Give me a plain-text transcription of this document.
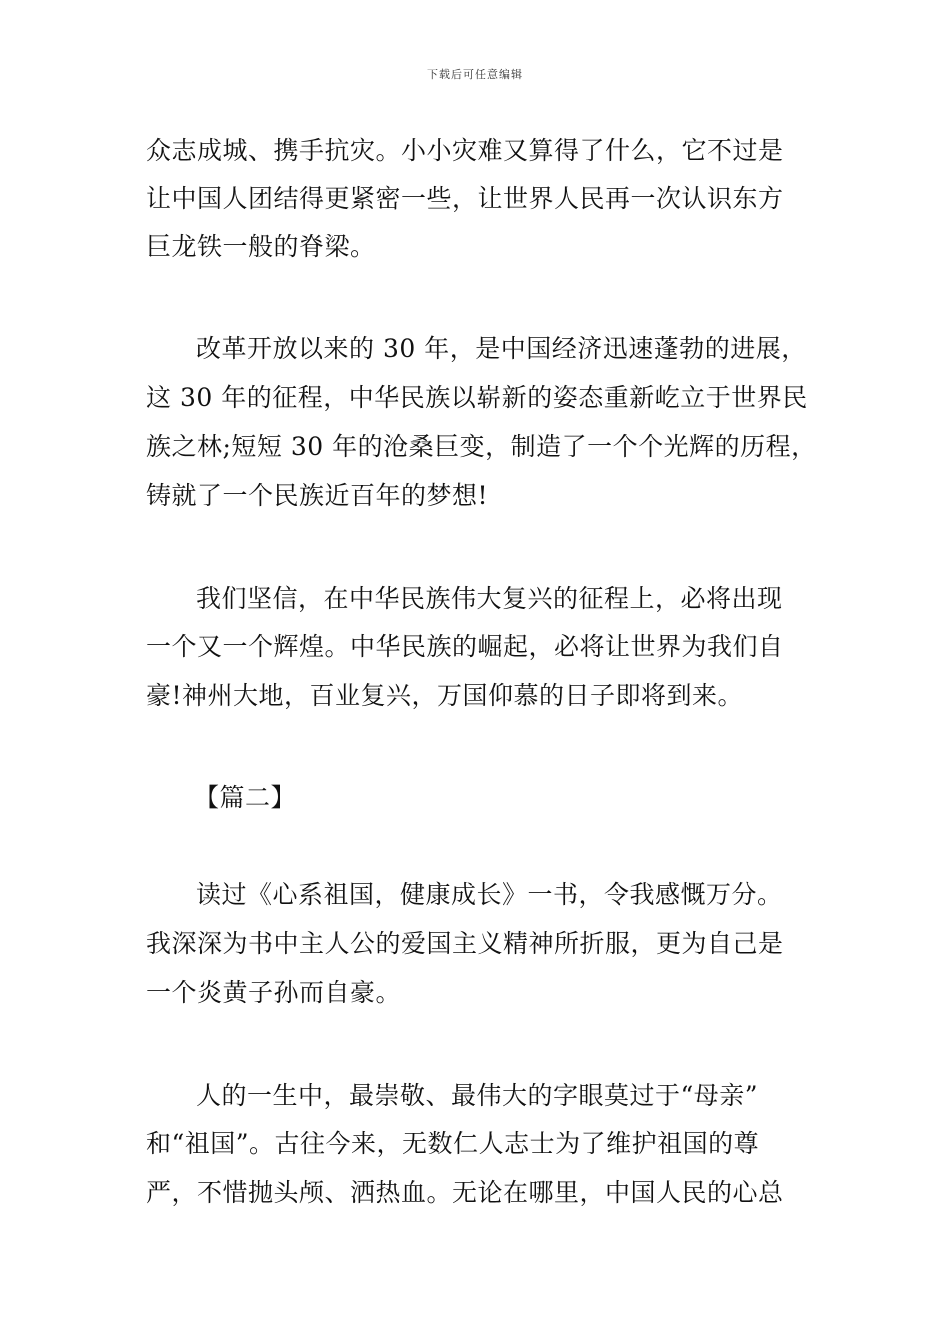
下载后可任意编辑
众志成城、携手抗灾。小小灾难又算得了什么，它不过是
让中国人团结得更紧密一些，让世界人民再一次认识东方
巨龙铁一般的脊梁。
改革开放以来的 30 年，是中国经济迅速蓬勃的进展，
这 30 年的征程，中华民族以崭新的姿态重新屹立于世界民
族之林;短短 30 年的沧桑巨变，制造了一个个光辉的历程，
铸就了一个民族近百年的梦想!
我们坚信，在中华民族伟大复兴的征程上，必将出现
一个又一个辉煌。中华民族的崛起，必将让世界为我们自
豪!神州大地，百业复兴，万国仰慕的日子即将到来。
【篇二】
读过《心系祖国，健康成长》一书，令我感慨万分。
我深深为书中主人公的爱国主义精神所折服，更为自己是
一个炎黄子孙而自豪。
人的一生中，最崇敬、最伟大的字眼莫过于“母亲”
和“祖国”。古往今来，无数仁人志士为了维护祖国的尊
严，不惜抛头颅、洒热血。无论在哪里，中国人民的心总
